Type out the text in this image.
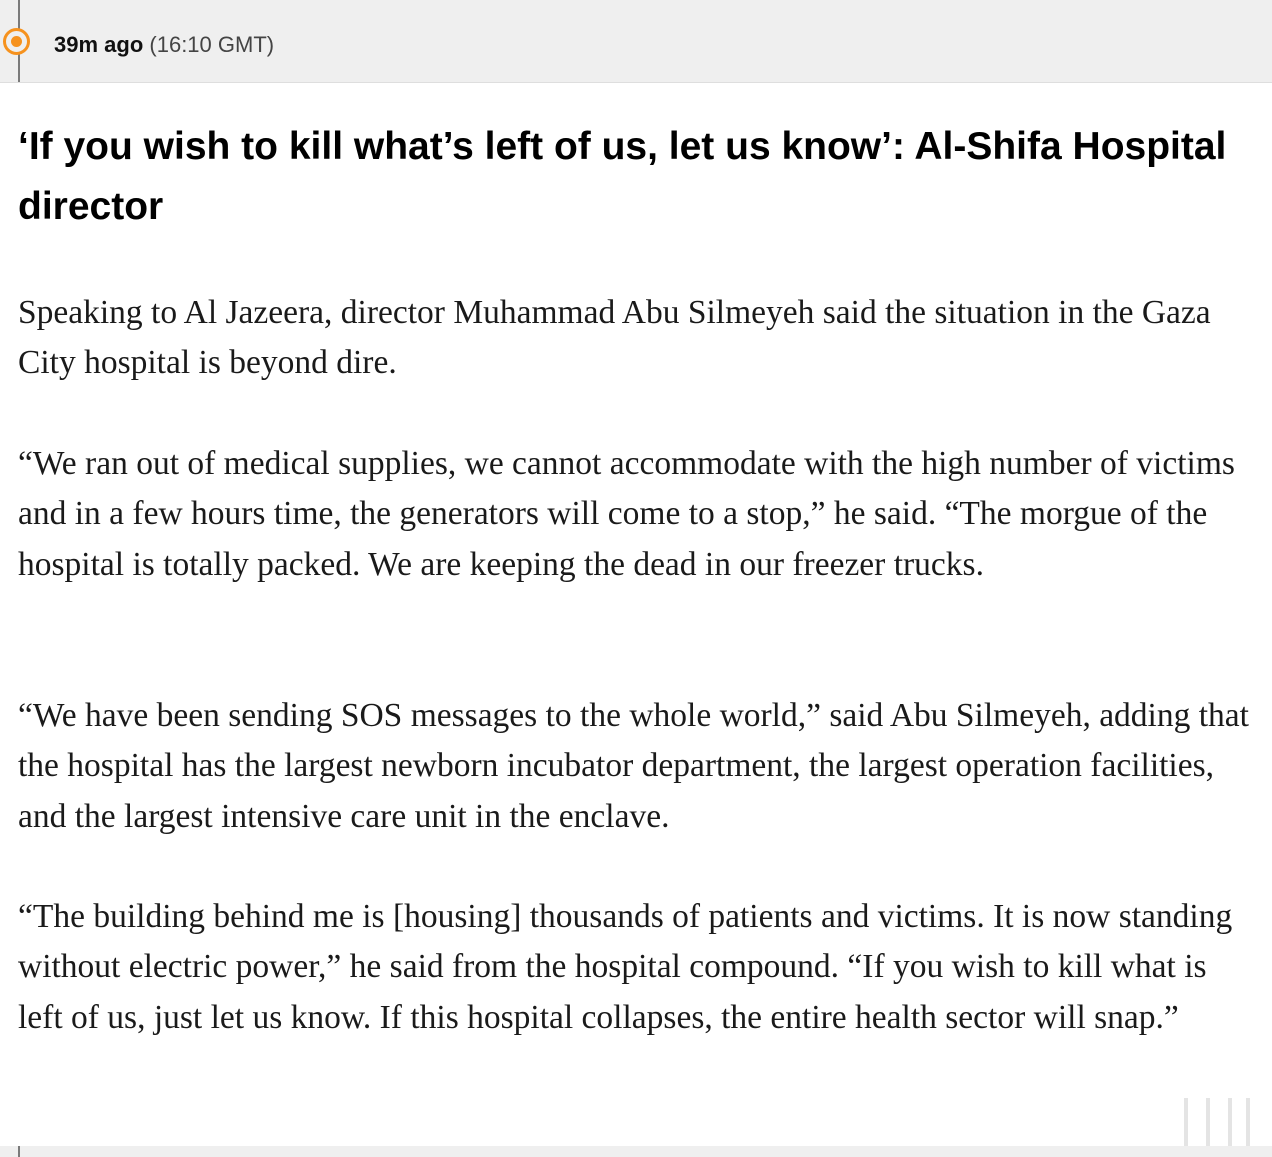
39m ago (16:10 GMT)
‘If you wish to kill what’s left of us, let us know’: Al-Shifa Hospital director

Speaking to Al Jazeera, director Muhammad Abu Silmeyeh said the situation in the Gaza City hospital is beyond dire.

“We ran out of medical supplies, we cannot accommodate with the high number of victims and in a few hours time, the generators will come to a stop,” he said. “The morgue of the hospital is totally packed. We are keeping the dead in our freezer trucks.

“We have been sending SOS messages to the whole world,” said Abu Silmeyeh, adding that the hospital has the largest newborn incubator department, the largest operation facilities, and the largest intensive care unit in the enclave.

“The building behind me is [housing] thousands of patients and victims. It is now standing without electric power,” he said from the hospital compound. “If you wish to kill what is left of us, just let us know. If this hospital collapses, the entire health sector will snap.”
